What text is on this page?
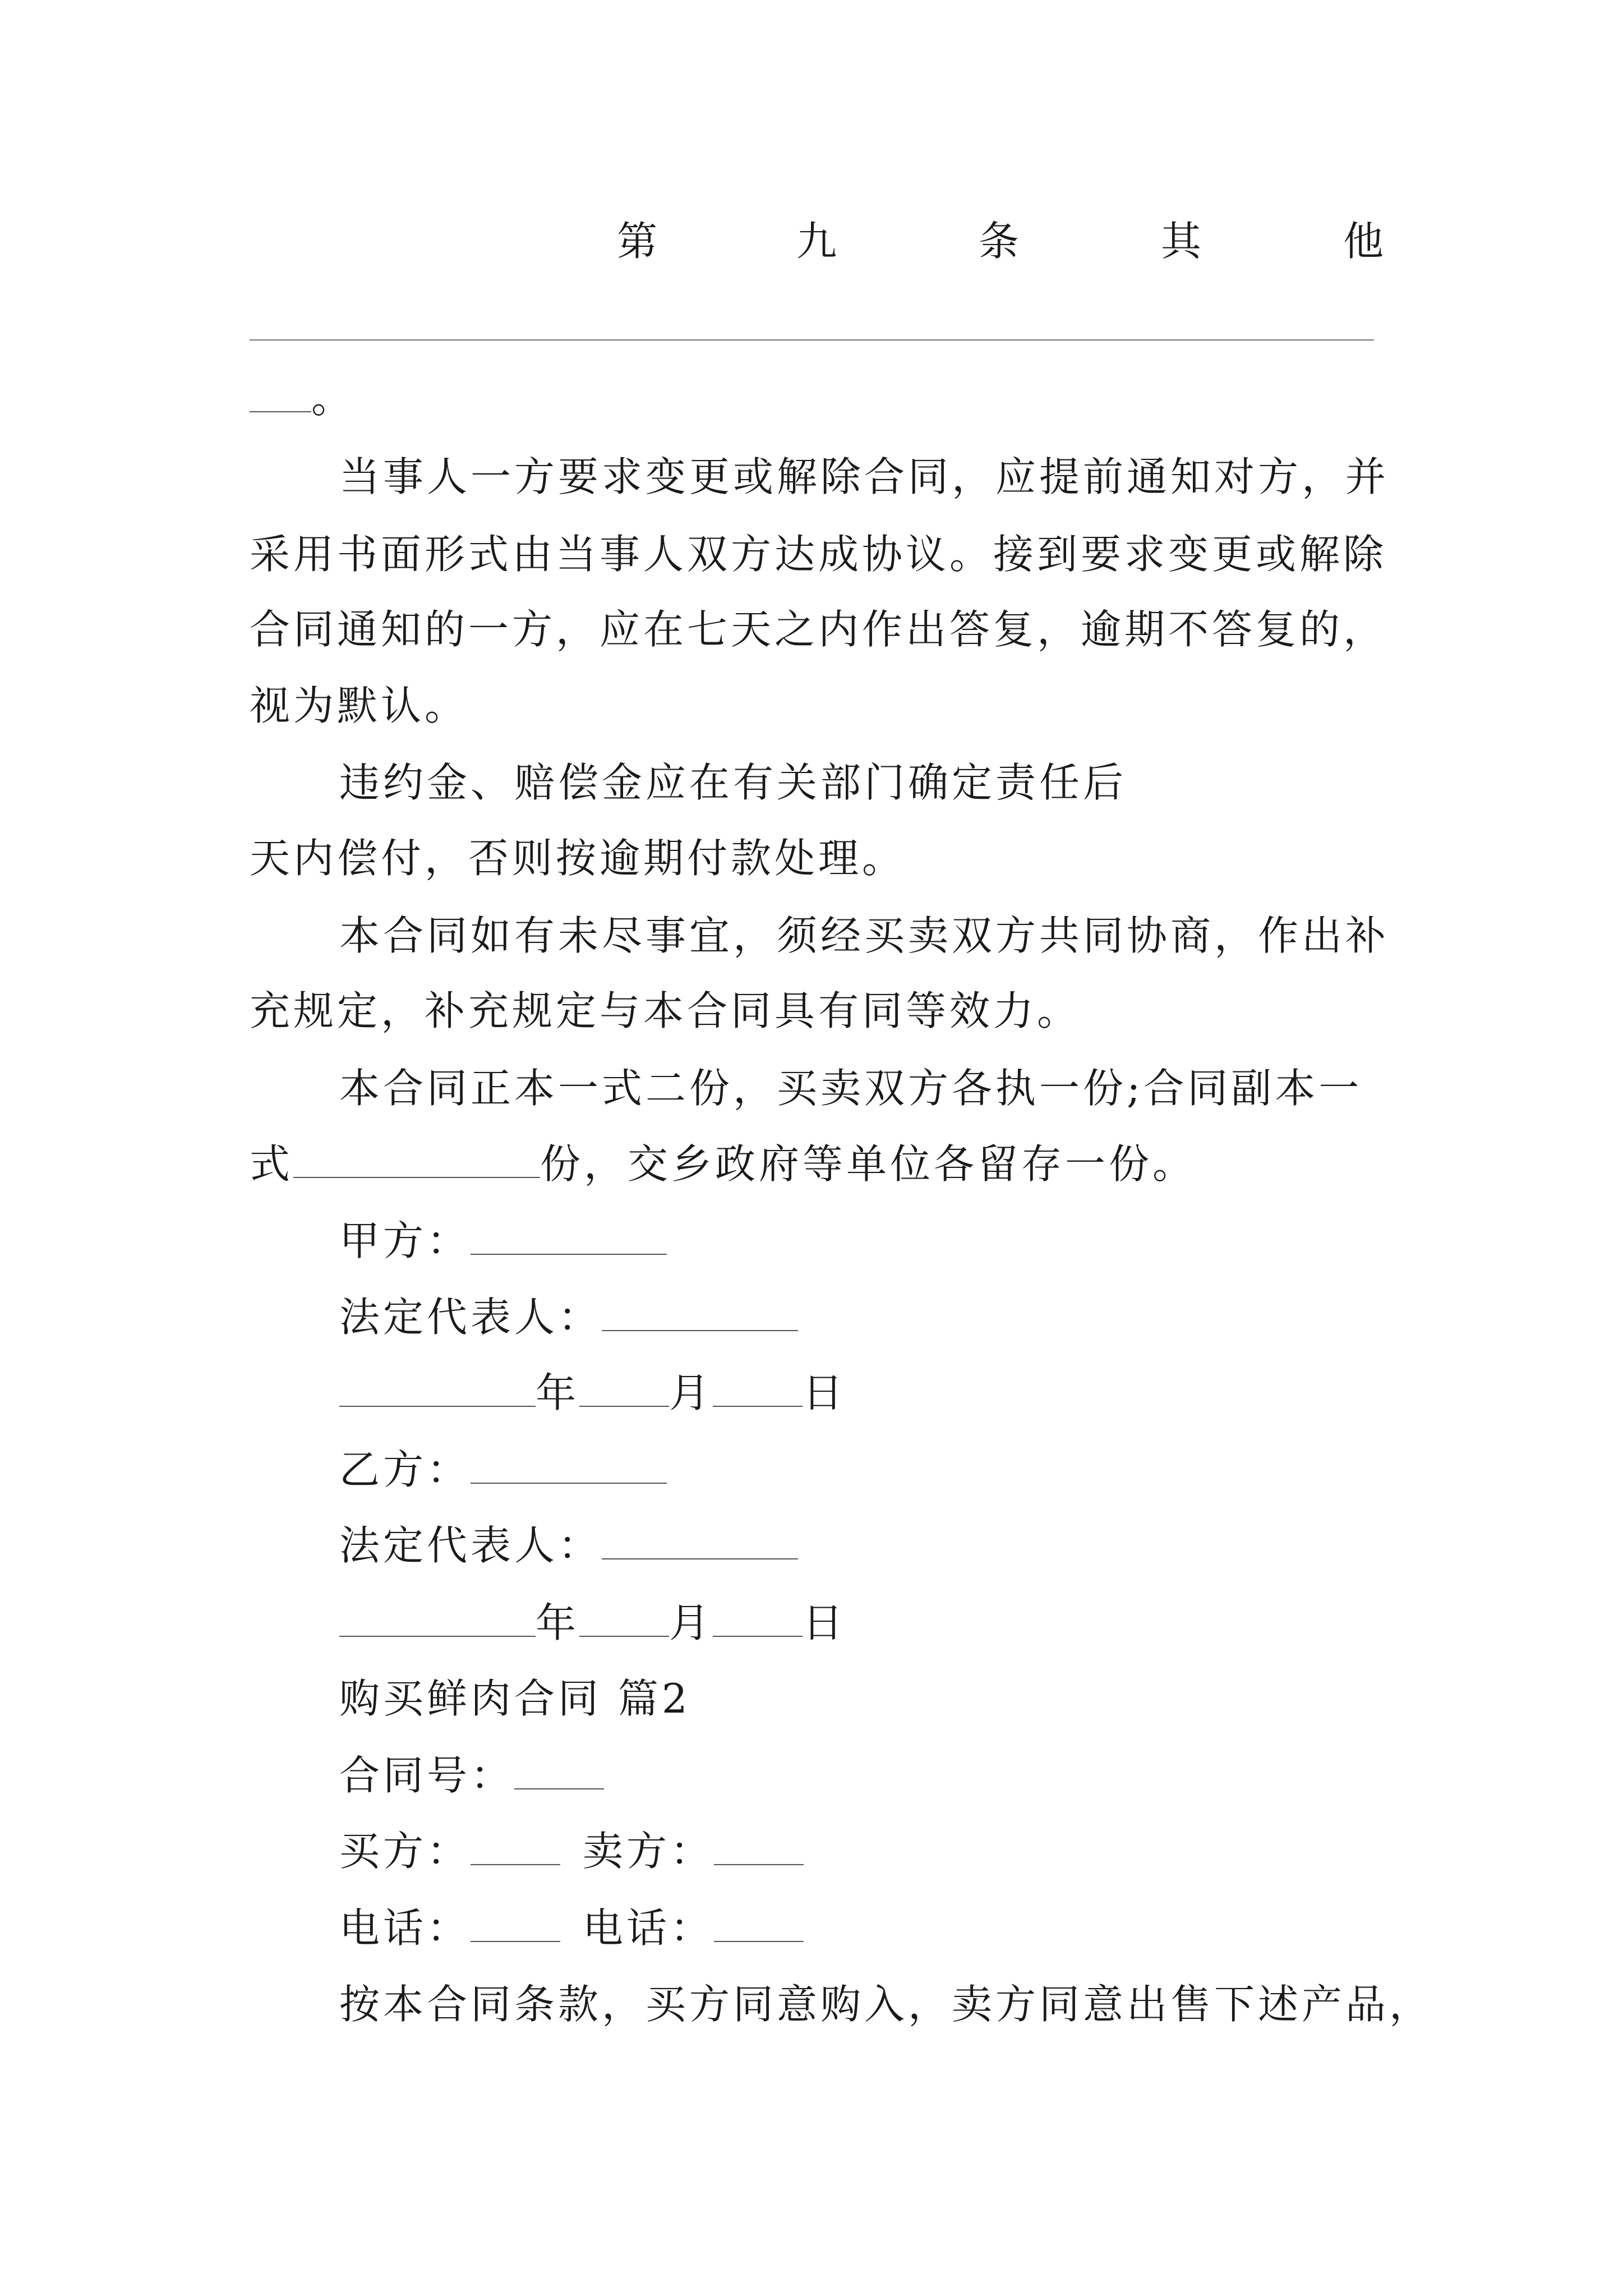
第	九	条	其	他
。
当事人一方要求变更或解除合同，应提前通知对方，并
采用书面形式由当事人双方达成协议。接到要求变更或解除
合同通知的一方，应在七天之内作出答复，逾期不答复的，
视为默认。
违约金、赔偿金应在有关部门确定责任后
天内偿付，否则按逾期付款处理。
本合同如有未尽事宜，须经买卖双方共同协商，作出补
充规定，补充规定与本合同具有同等效力。
本合同正本一式二份，买卖双方各执一份;合同副本一
式	份，交乡政府等单位各留存一份。
甲方：
法定代表人：
年 月 日
乙方：
法定代表人：
年 月 日
购买鲜肉合同 篇2
合同号：
买方：	卖方：
电话：	电话：
按本合同条款，买方同意购入，卖方同意出售下述产品，
